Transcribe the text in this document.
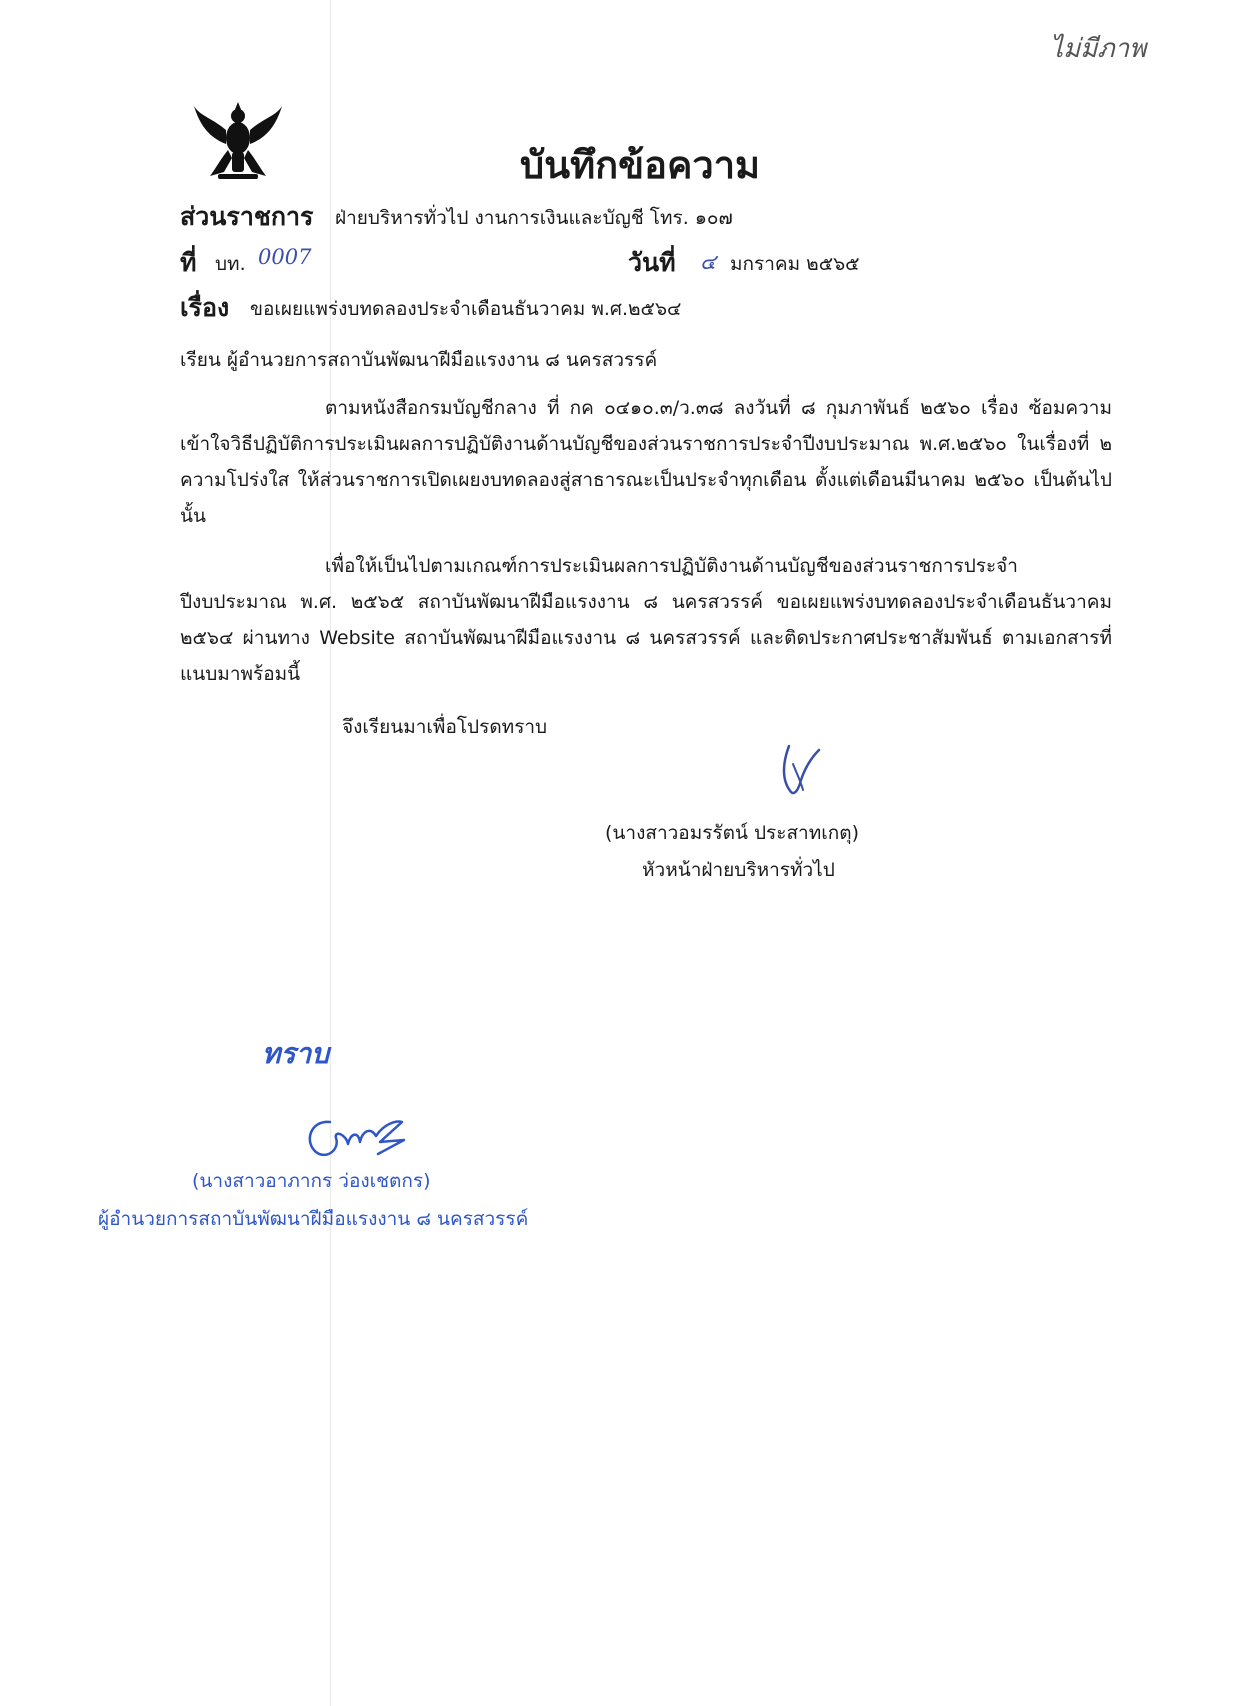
ไม่มีภาพ
บันทึกข้อความ
ส่วนราชการ ฝ่ายบริหารทั่วไป งานการเงินและบัญชี โทร. ๑๐๗
ที่ บท. 0007	วันที่ ๔ มกราคม ๒๕๖๕
เรื่อง ขอเผยแพร่งบทดลองประจำเดือนธันวาคม พ.ศ.๒๕๖๔
เรียน ผู้อำนวยการสถาบันพัฒนาฝีมือแรงงาน ๘ นครสวรรค์
ตามหนังสือกรมบัญชีกลาง ที่ กค ๐๔๑๐.๓/ว.๓๘ ลงวันที่ ๘ กุมภาพันธ์ ๒๕๖๐ เรื่อง ซ้อมความเข้าใจวิธีปฏิบัติการประเมินผลการปฏิบัติงานด้านบัญชีของส่วนราชการประจำปีงบประมาณ พ.ศ.๒๕๖๐ ในเรื่องที่ ๒ ความโปร่งใส ให้ส่วนราชการเปิดเผยงบทดลองสู่สาธารณะเป็นประจำทุกเดือน ตั้งแต่เดือนมีนาคม ๒๕๖๐ เป็นต้นไป นั้น
เพื่อให้เป็นไปตามเกณฑ์การประเมินผลการปฏิบัติงานด้านบัญชีของส่วนราชการประจำปีงบประมาณ พ.ศ. ๒๕๖๕ สถาบันพัฒนาฝีมือแรงงาน ๘ นครสวรรค์ ขอเผยแพร่งบทดลองประจำเดือนธันวาคม ๒๕๖๔ ผ่านทาง Website สถาบันพัฒนาฝีมือแรงงาน ๘ นครสวรรค์ และติดประกาศประชาสัมพันธ์ ตามเอกสารที่แนบมาพร้อมนี้
จึงเรียนมาเพื่อโปรดทราบ
(นางสาวอมรรัตน์ ประสาทเกตุ)
หัวหน้าฝ่ายบริหารทั่วไป
ทราบ
(นางสาวอาภากร ว่องเชตกร)
ผู้อำนวยการสถาบันพัฒนาฝีมือแรงงาน ๘ นครสวรรค์
